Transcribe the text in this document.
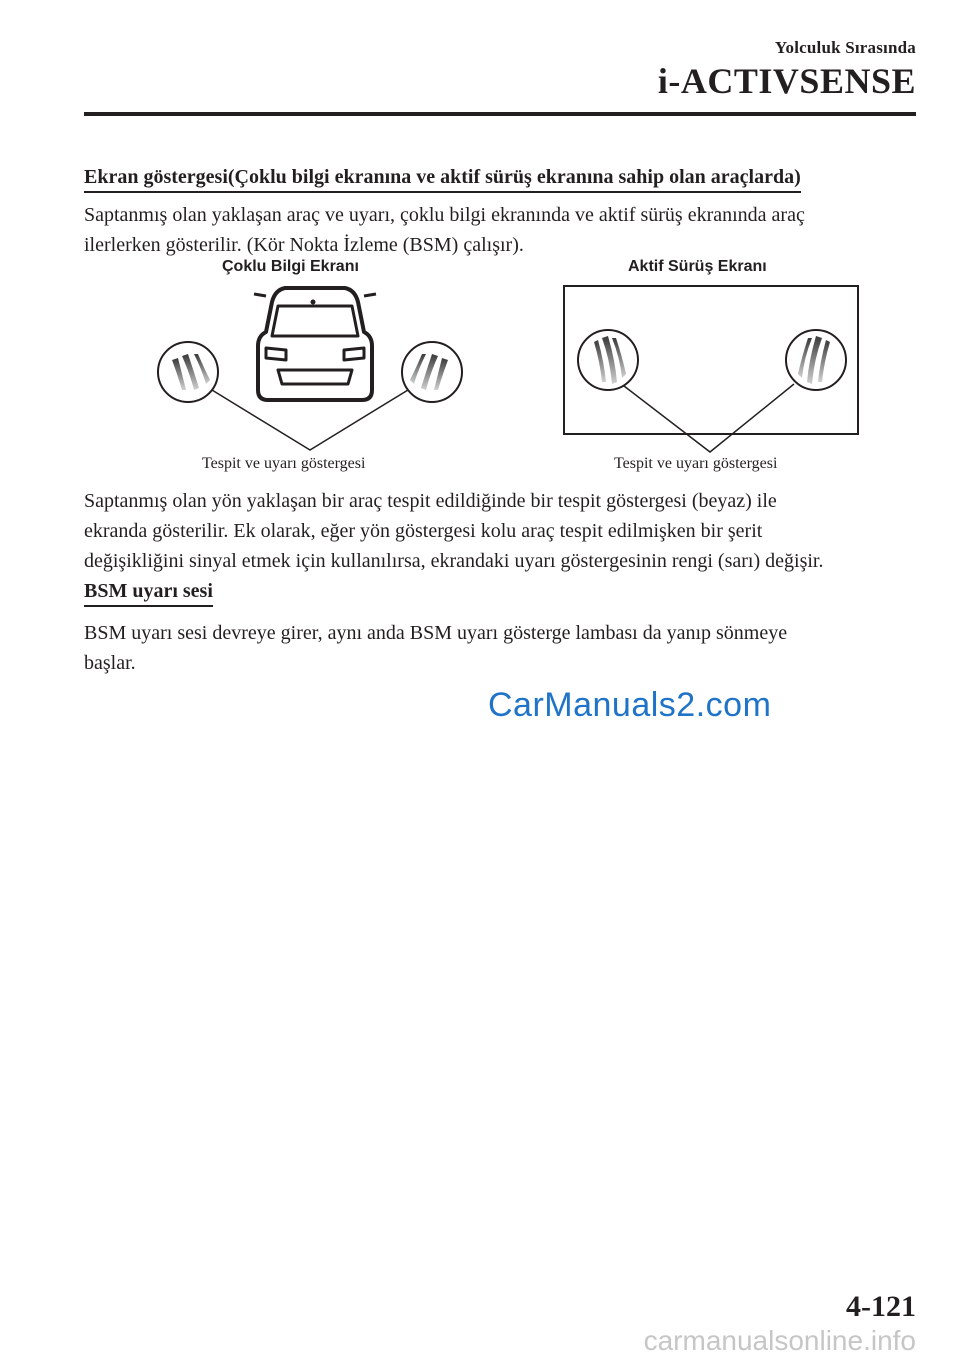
Yolculuk Sırasında
i-ACTIVSENSE
Ekran göstergesi(Çoklu bilgi ekranına ve aktif sürüş ekranına sahip olan araçlarda)
Saptanmış olan yaklaşan araç ve uyarı, çoklu bilgi ekranında ve aktif sürüş ekranında araç
ilerlerken gösterilir. (Kör Nokta İzleme (BSM) çalışır).
Çoklu Bilgi Ekranı	Aktif Sürüş Ekranı
Tespit ve uyarı göstergesi	Tespit ve uyarı göstergesi
Saptanmış olan yön yaklaşan bir araç tespit edildiğinde bir tespit göstergesi (beyaz) ile
ekranda gösterilir. Ek olarak, eğer yön göstergesi kolu araç tespit edilmişken bir şerit
değişikliğini sinyal etmek için kullanılırsa, ekrandaki uyarı göstergesinin rengi (sarı) değişir.
BSM uyarı sesi
BSM uyarı sesi devreye girer, aynı anda BSM uyarı gösterge lambası da yanıp sönmeye
başlar.
CarManuals2.com
4-121
carmanualsonline.info
